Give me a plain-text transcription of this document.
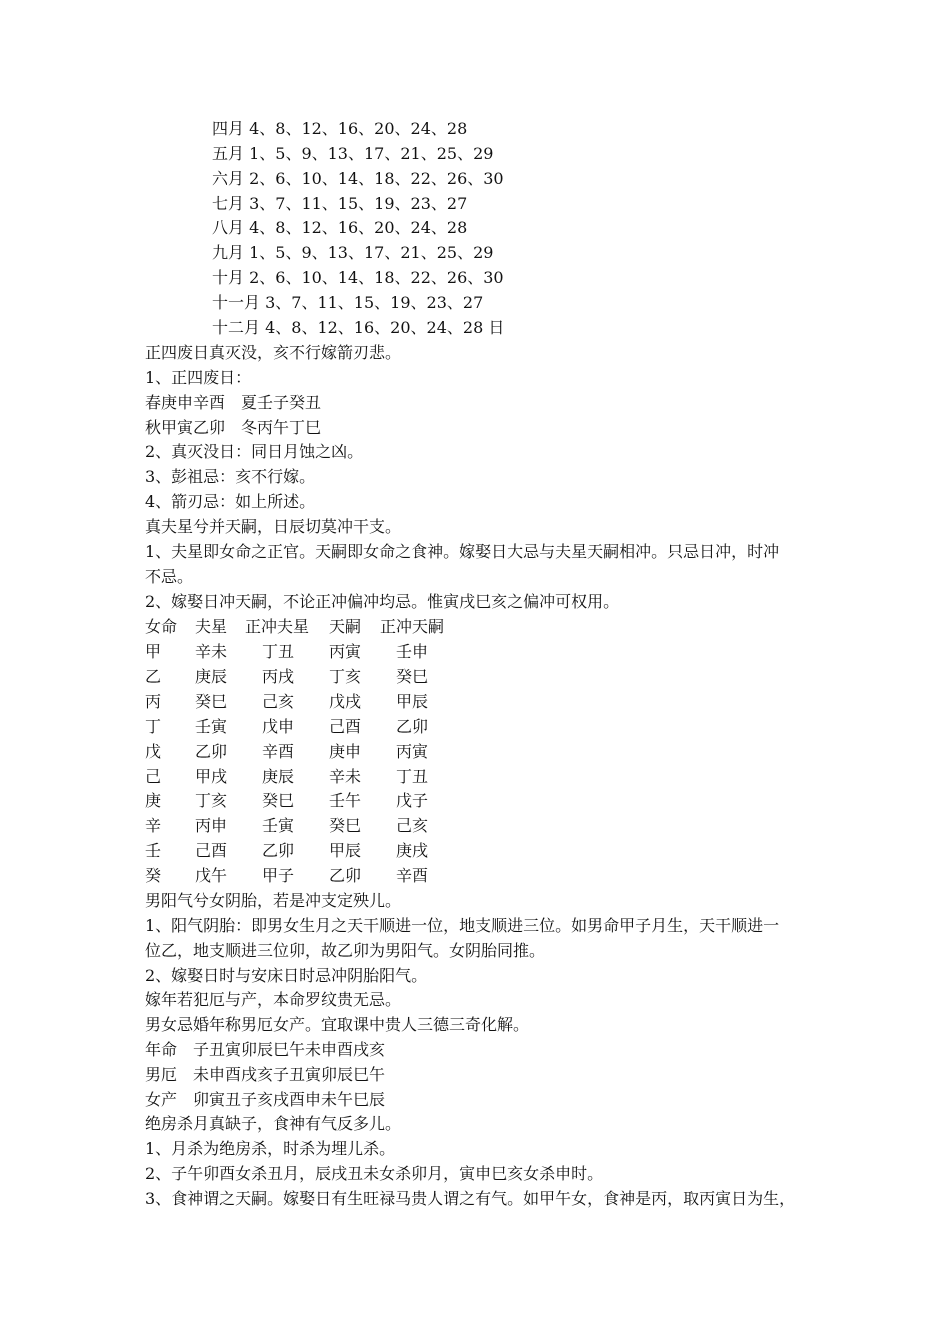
四月 4、8、12、16、20、24、28
五月 1、5、9、13、17、21、25、29
六月 2、6、10、14、18、22、26、30
七月 3、7、11、15、19、23、27
八月 4、8、12、16、20、24、28
九月 1、5、9、13、17、21、25、29
十月 2、6、10、14、18、22、26、30
十一月 3、7、11、15、19、23、27
十二月 4、8、12、16、20、24、28 日
正四废日真灭没，亥不行嫁箭刃悲。
1、正四废日：
春庚申辛酉　夏壬子癸丑
秋甲寅乙卯　冬丙午丁巳
2、真灭没日：同日月蚀之凶。
3、彭祖忌：亥不行嫁。
4、箭刃忌：如上所述。
真夫星兮并天嗣，日辰切莫冲干支。
1、夫星即女命之正官。天嗣即女命之食神。嫁娶日大忌与夫星天嗣相冲。只忌日冲，时冲
不忌。
2、嫁娶日冲天嗣，不论正冲偏冲均忌。惟寅戌巳亥之偏冲可权用。
女命 夫星 正冲夫星 天嗣 正冲天嗣
甲 辛未 丁丑 丙寅 壬申
乙 庚辰 丙戌 丁亥 癸巳
丙 癸巳 己亥 戊戌 甲辰
丁 壬寅 戊申 己酉 乙卯
戊 乙卯 辛酉 庚申 丙寅
己 甲戌 庚辰 辛未 丁丑
庚 丁亥 癸巳 壬午 戊子
辛 丙申 壬寅 癸巳 己亥
壬 己酉 乙卯 甲辰 庚戌
癸 戊午 甲子 乙卯 辛酉
男阳气兮女阴胎，若是冲支定殃儿。
1、阳气阴胎：即男女生月之天干顺进一位，地支顺进三位。如男命甲子月生，天干顺进一
位乙，地支顺进三位卯，故乙卯为男阳气。女阴胎同推。
2、嫁娶日时与安床日时忌冲阴胎阳气。
嫁年若犯厄与产，本命罗纹贵无忌。
男女忌婚年称男厄女产。宜取课中贵人三德三奇化解。
年命　子丑寅卯辰巳午未申酉戌亥
男厄　未申酉戌亥子丑寅卯辰巳午
女产　卯寅丑子亥戌酉申未午巳辰
绝房杀月真缺子，食神有气反多儿。
1、月杀为绝房杀，时杀为埋儿杀。
2、子午卯酉女杀丑月，辰戌丑未女杀卯月，寅申巳亥女杀申时。
3、食神谓之天嗣。嫁娶日有生旺禄马贵人谓之有气。如甲午女，食神是丙，取丙寅日为生，
